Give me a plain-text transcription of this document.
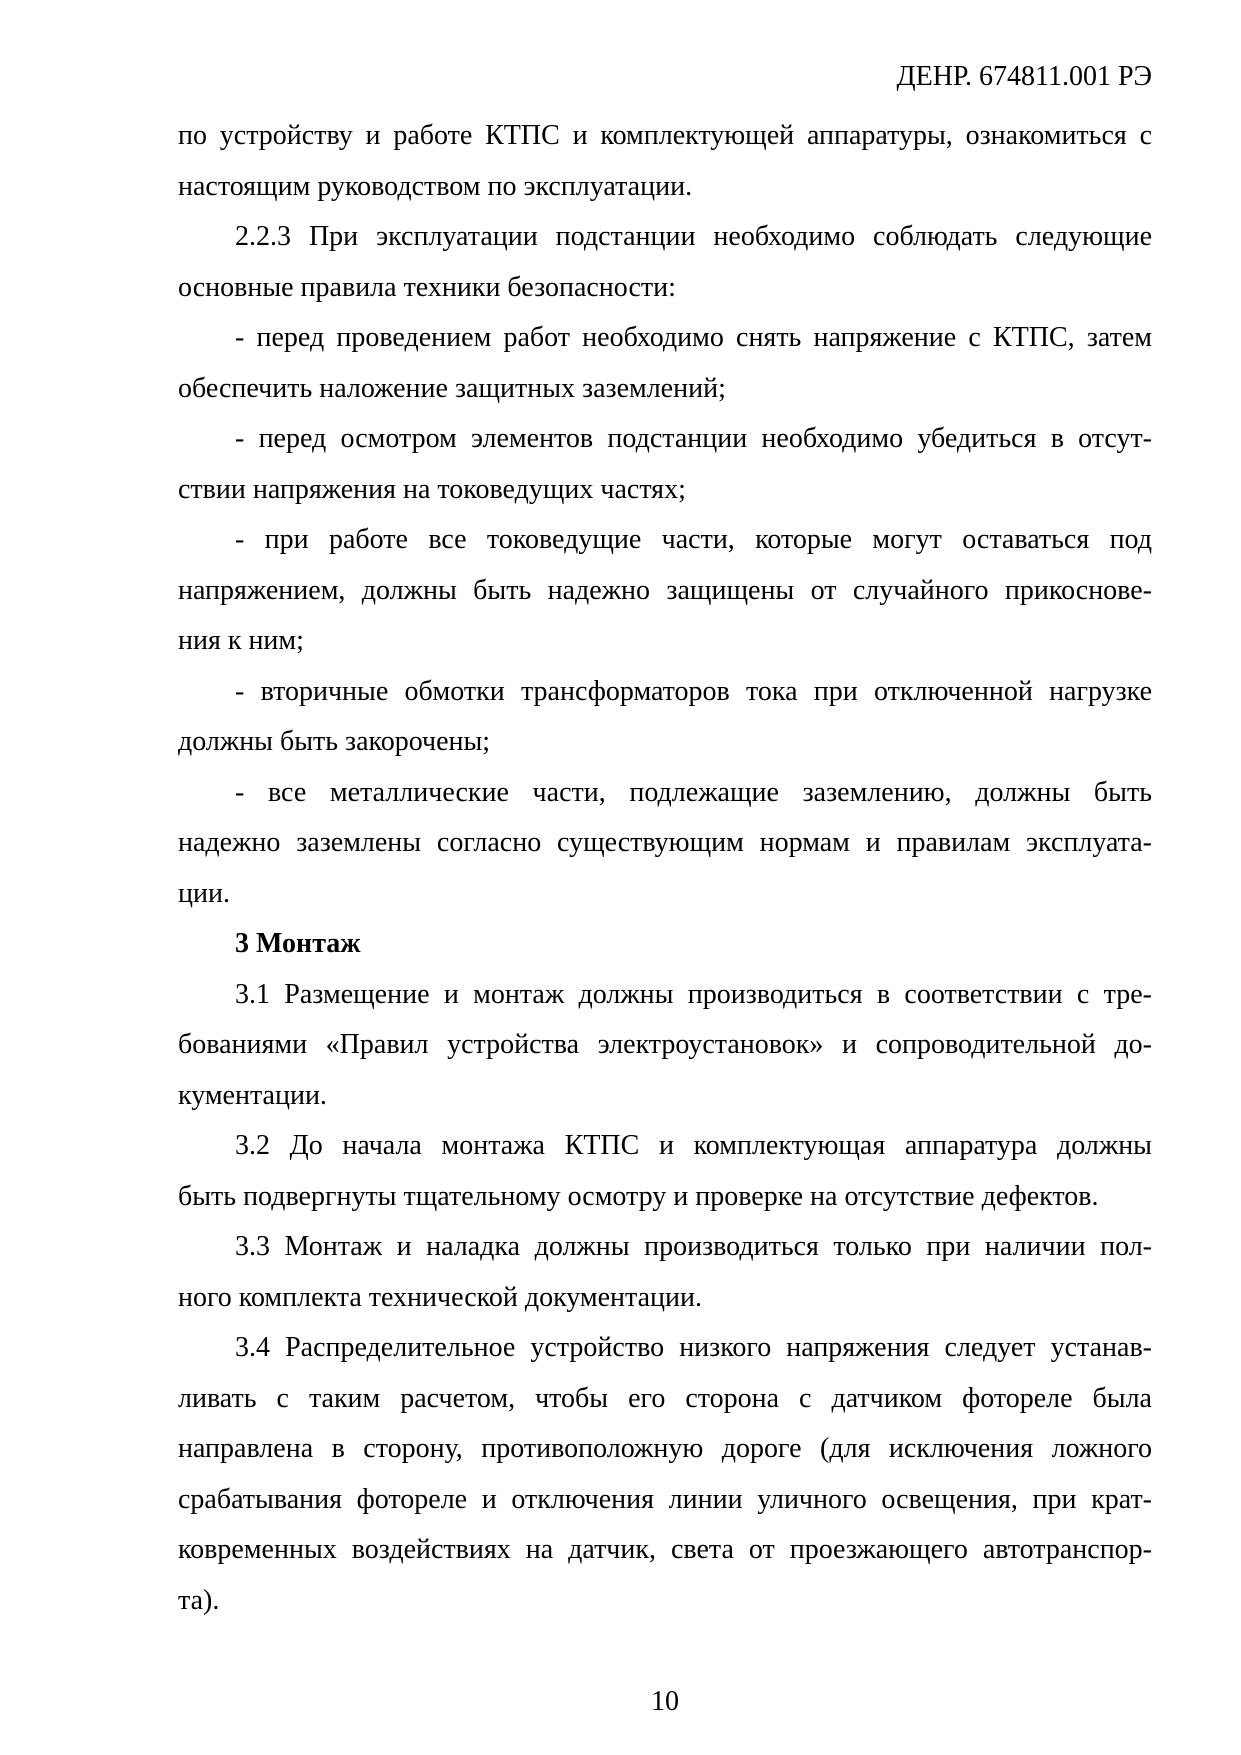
ДЕНР. 674811.001 РЭ
по устройству и работе КТПС и комплектующей аппаратуры, ознакомиться с
настоящим руководством по эксплуатации.
2.2.3 При эксплуатации подстанции необходимо соблюдать следующие
основные правила техники безопасности:
- перед проведением работ необходимо снять напряжение с КТПС, затем
обеспечить наложение защитных заземлений;
- перед осмотром элементов подстанции необходимо убедиться в отсут-
ствии напряжения на токоведущих частях;
- при работе все токоведущие части, которые могут оставаться под
напряжением, должны быть надежно защищены от случайного прикоснове-
ния к ним;
- вторичные обмотки трансформаторов тока при отключенной нагрузке
должны быть закорочены;
- все металлические части, подлежащие заземлению, должны быть
надежно заземлены согласно существующим нормам и правилам эксплуата-
ции.
3 Монтаж
3.1 Размещение и монтаж должны производиться в соответствии с тре-
бованиями «Правил устройства электроустановок» и сопроводительной до-
кументации.
3.2 До начала монтажа КТПС и комплектующая аппаратура должны
быть подвергнуты тщательному осмотру и проверке на отсутствие дефектов.
3.3 Монтаж и наладка должны производиться только при наличии пол-
ного комплекта технической документации.
3.4 Распределительное устройство низкого напряжения следует устанав-
ливать с таким расчетом, чтобы его сторона с датчиком фотореле была
направлена в сторону, противоположную дороге (для исключения ложного
срабатывания фотореле и отключения линии уличного освещения, при крат-
ковременных воздействиях на датчик, света от проезжающего автотранспор-
та).
10
